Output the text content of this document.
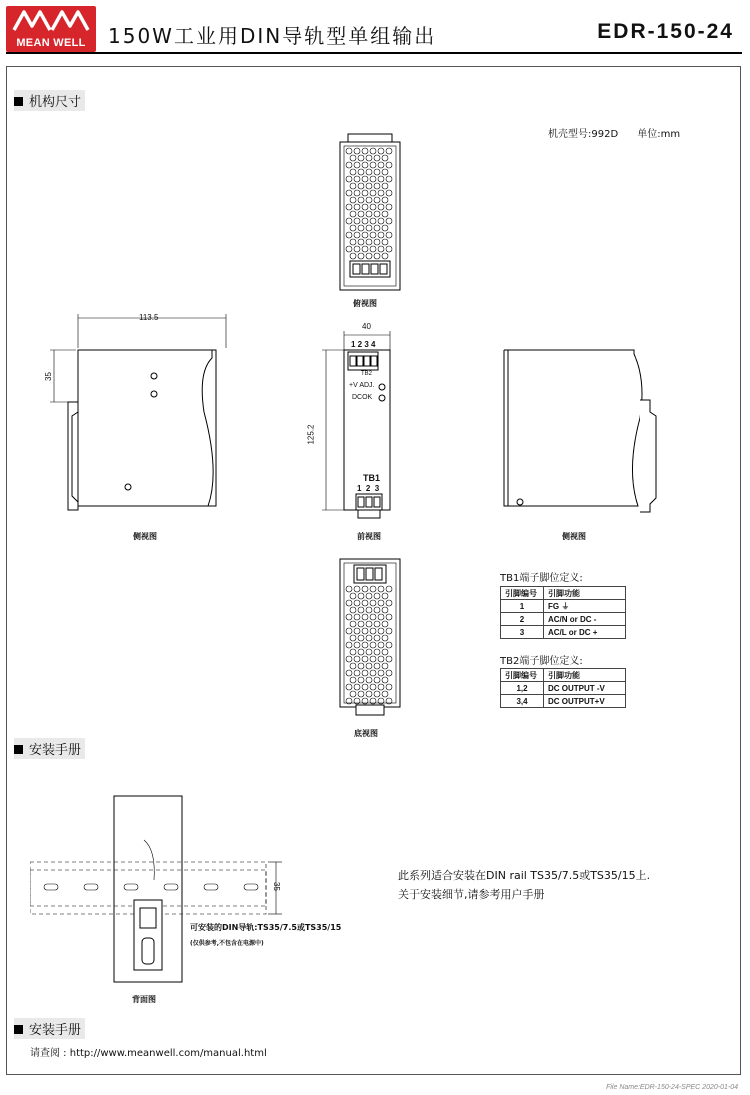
MEAN WELL	150W工业用DIN导轨型单组输出	EDR-150-24
机构尺寸
机壳型号:992D      单位:mm
俯视图
113.5
35
侧视图
40
125.2
1 2 3 4
TB2
+V ADJ.
DCOK
TB1
1  2  3
前视图	侧视图
底视图
TB1端子脚位定义:
引脚编号	引脚功能
1	FG ⏚
2	AC/N or DC -
3	AC/L or DC +
TB2端子脚位定义:
引脚编号	引脚功能
1,2	DC OUTPUT -V
3,4	DC OUTPUT+V
安装手册
35
可安装的DIN导轨:TS35/7.5或TS35/15
(仅供参考,不包含在电源中)
背面图
此系列适合安装在DIN rail TS35/7.5或TS35/15上.
关于安装细节,请参考用户手册
安装手册
请查阅 : http://www.meanwell.com/manual.html
File Name:EDR-150-24-SPEC 2020-01-04
